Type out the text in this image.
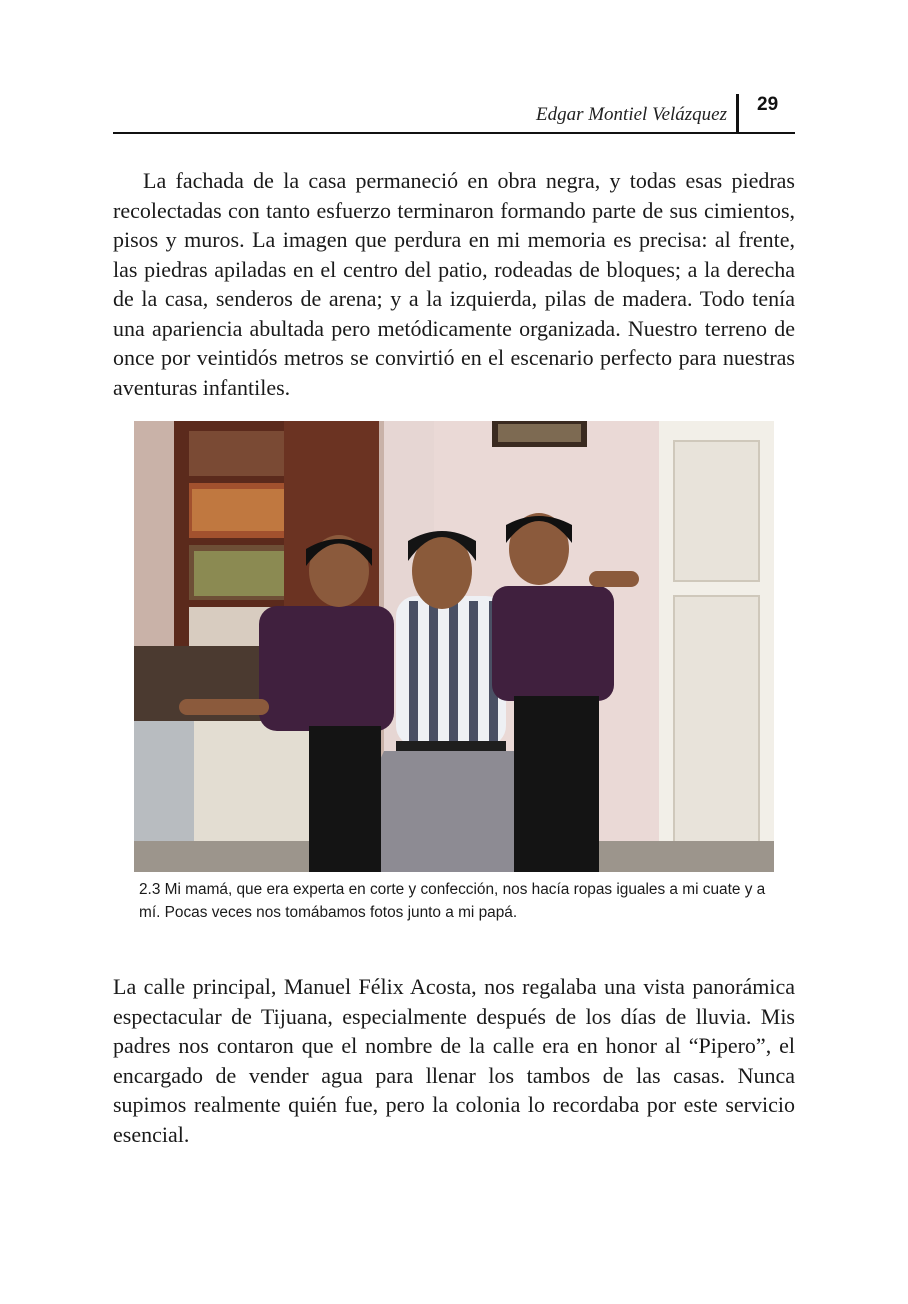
Edgar Montiel Velázquez 29

La fachada de la casa permaneció en obra negra, y todas esas piedras recolectadas con tanto esfuerzo terminaron formando parte de sus cimientos, pisos y muros. La imagen que perdura en mi memoria es precisa: al frente, las piedras apiladas en el centro del patio, rodeadas de bloques; a la derecha de la casa, senderos de arena; y a la izquierda, pilas de madera. Todo tenía una apariencia abultada pero metódicamente organizada. Nuestro terreno de once por veintidós metros se convirtió en el escenario perfecto para nuestras aventuras infantiles.

2.3 Mi mamá, que era experta en corte y confección, nos hacía ropas iguales a mi cuate y a mí. Pocas veces nos tomábamos fotos junto a mi papá.

La calle principal, Manuel Félix Acosta, nos regalaba una vista panorámica espectacular de Tijuana, especialmente después de los días de lluvia. Mis padres nos contaron que el nombre de la calle era en honor al “Pipero”, el encargado de vender agua para llenar los tambos de las casas. Nunca supimos realmente quién fue, pero la colonia lo recordaba por este servicio esencial.
